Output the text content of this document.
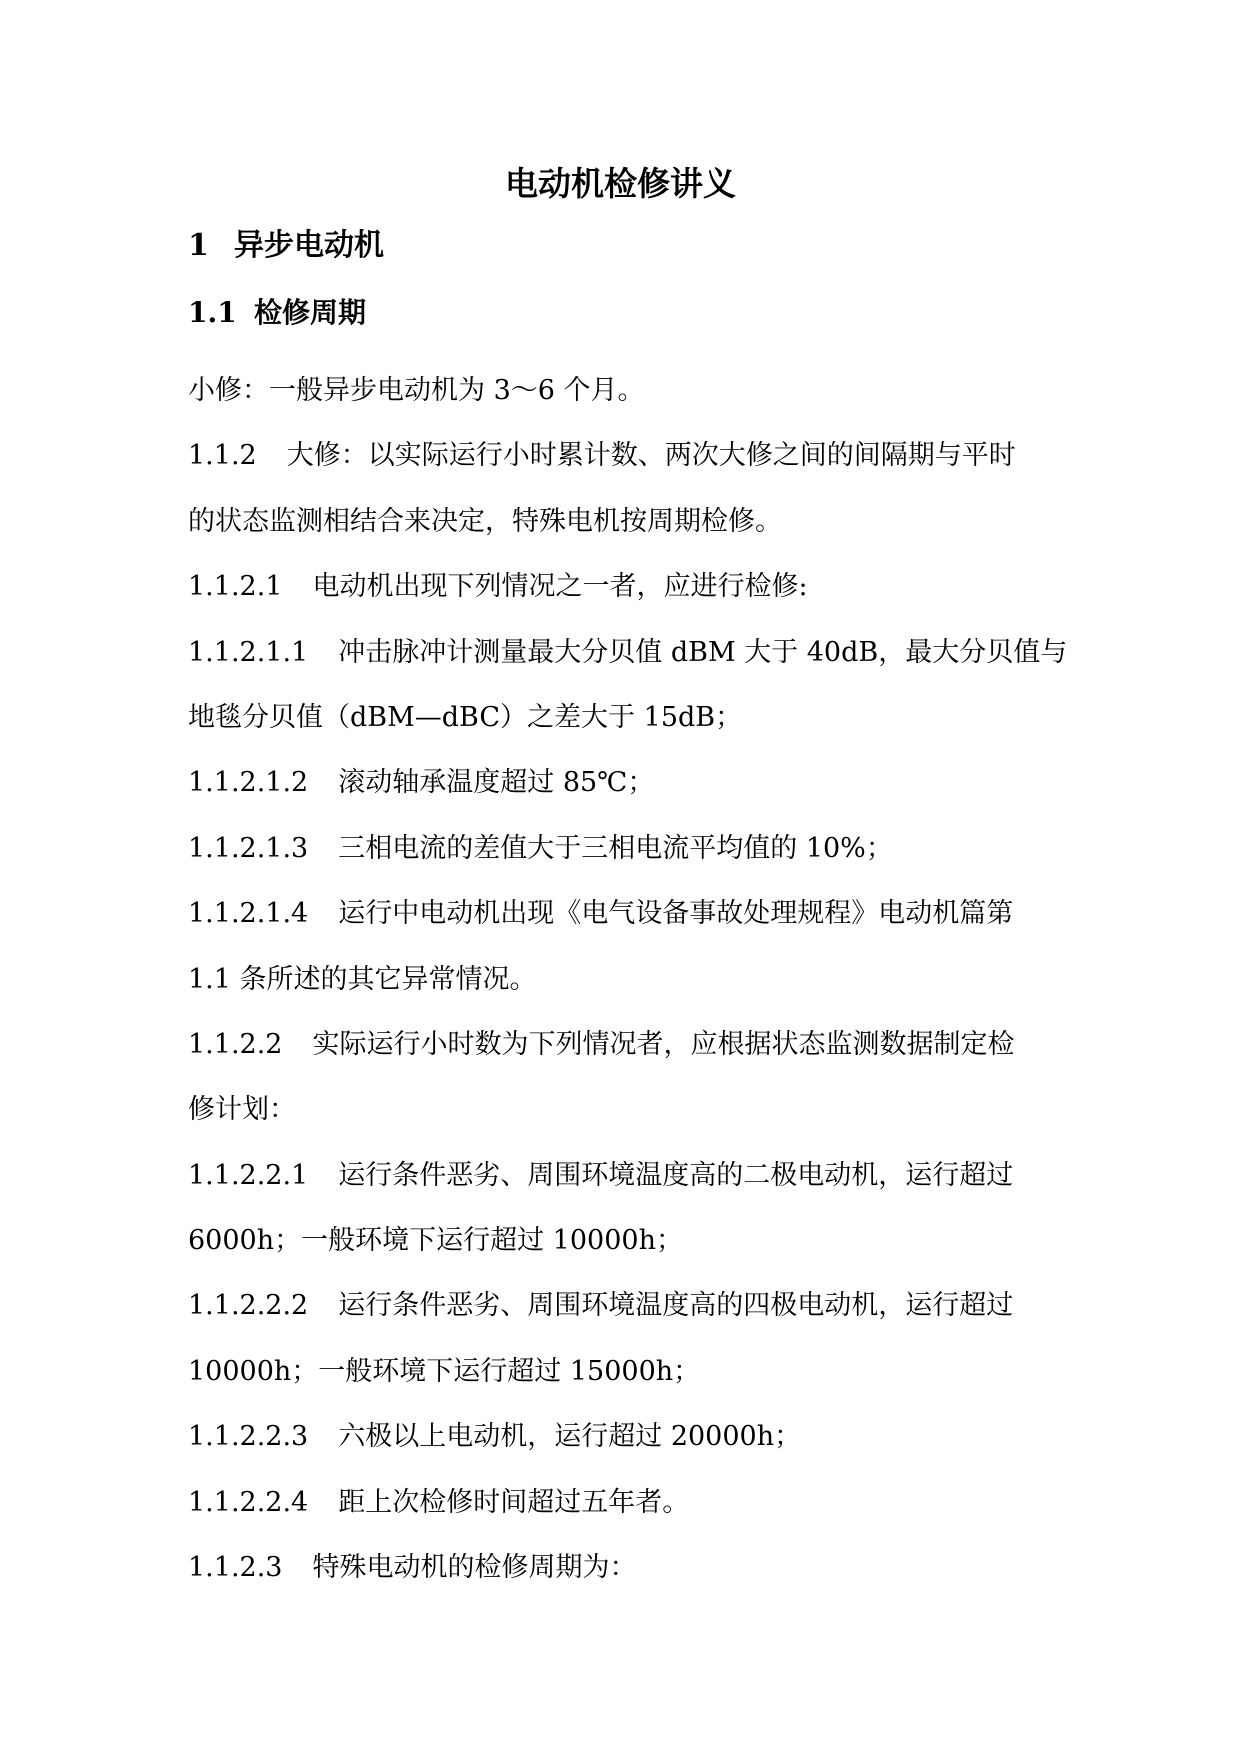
电动机检修讲义
1 异步电动机
1.1 检修周期

小修：一般异步电动机为 3～6 个月。

1.1.2 大修：以实际运行小时累计数、两次大修之间的间隔期与平时

的状态监测相结合来决定，特殊电机按周期检修。

1.1.2.1 电动机出现下列情况之一者，应进行检修:

1.1.2.1.1 冲击脉冲计测量最大分贝值 dBM 大于 40dB，最大分贝值与

地毯分贝值（dBM—dBC）之差大于 15dB；

1.1.2.1.2 滚动轴承温度超过 85℃；

1.1.2.1.3 三相电流的差值大于三相电流平均值的 10%；

1.1.2.1.4 运行中电动机出现《电气设备事故处理规程》电动机篇第

1.1 条所述的其它异常情况。

1.1.2.2 实际运行小时数为下列情况者，应根据状态监测数据制定检

修计划：

1.1.2.2.1 运行条件恶劣、周围环境温度高的二极电动机，运行超过

6000h；一般环境下运行超过 10000h；

1.1.2.2.2 运行条件恶劣、周围环境温度高的四极电动机，运行超过

10000h；一般环境下运行超过 15000h；

1.1.2.2.3 六极以上电动机，运行超过 20000h；

1.1.2.2.4 距上次检修时间超过五年者。

1.1.2.3 特殊电动机的检修周期为：
